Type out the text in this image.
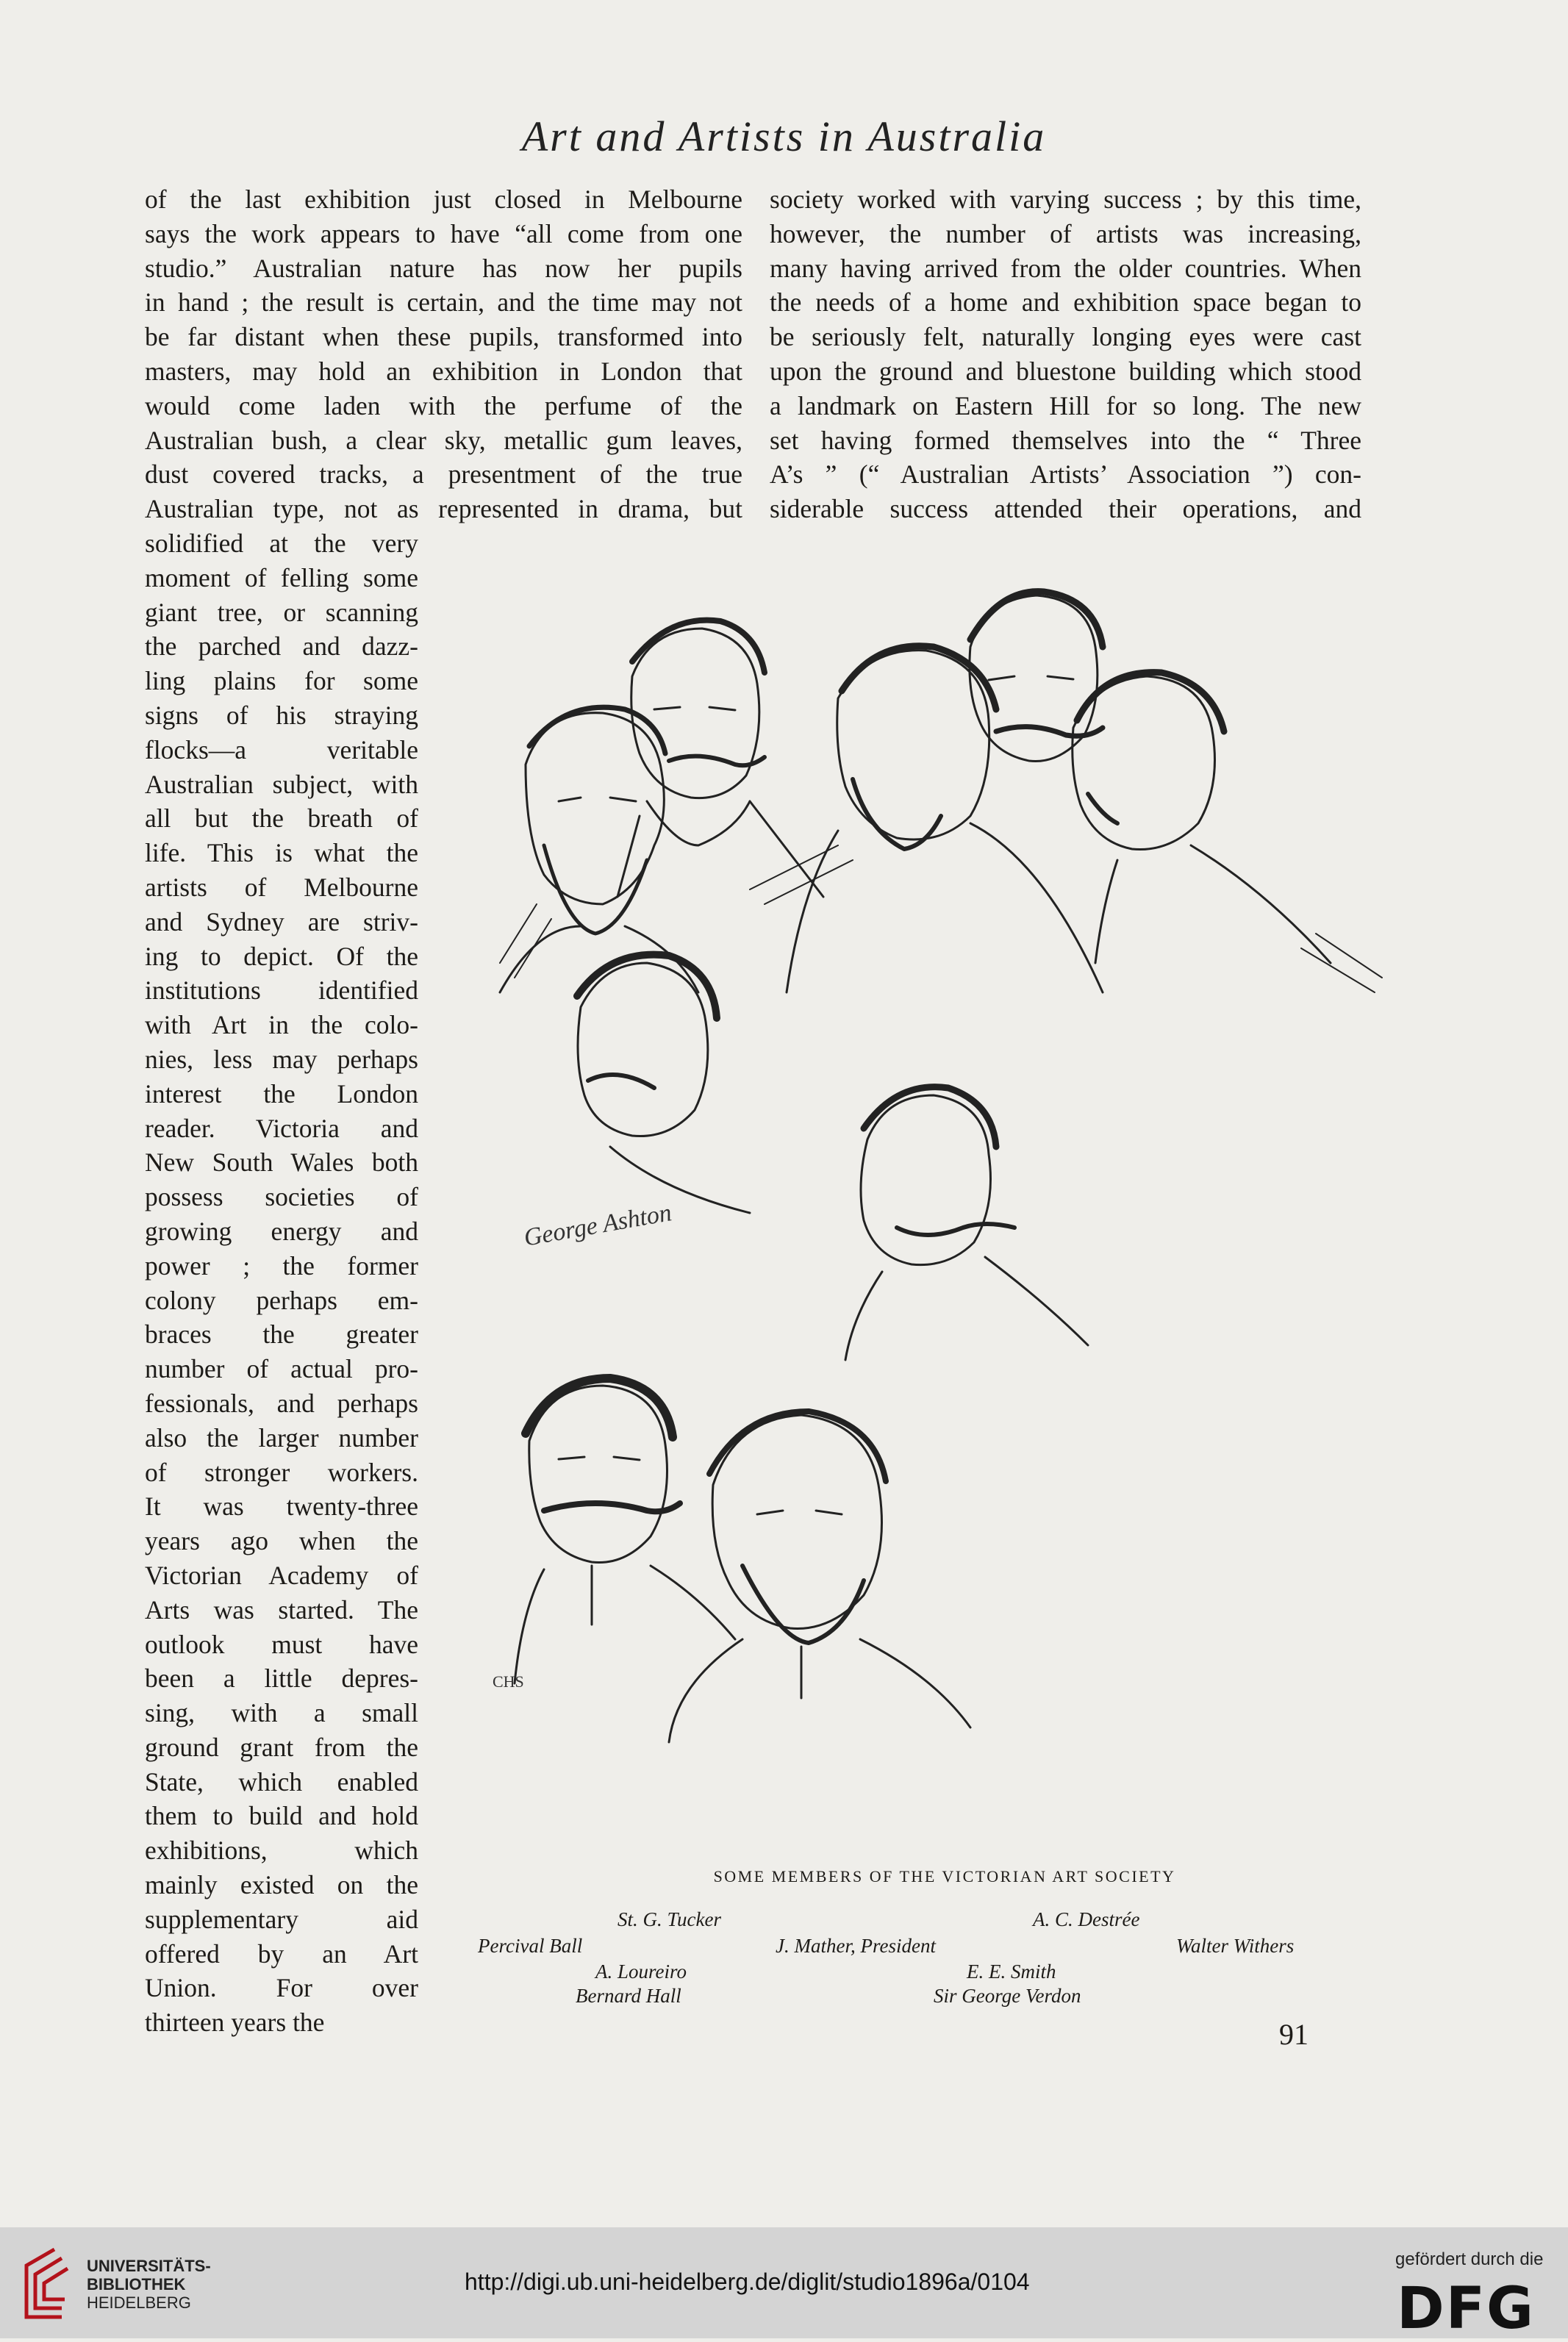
Art and Artists in Australia
of the last exhibition just closed in Melbourne
says the work appears to have “all come from one
studio.” Australian nature has now her pupils
in hand ; the result is certain, and the time may not
be far distant when these pupils, transformed into
masters, may hold an exhibition in London that
would come laden with the perfume of the
Australian bush, a clear sky, metallic gum leaves,
dust covered tracks, a presentment of the true
Australian type, not as represented in drama, but
society worked with varying success ; by this time,
however, the number of artists was increasing,
many having arrived from the older countries. When
the needs of a home and exhibition space began to
be seriously felt, naturally longing eyes were cast
upon the ground and bluestone building which stood
a landmark on Eastern Hill for so long. The new
set having formed themselves into the “ Three
A’s ” (“ Australian Artists’ Association ”) con-
siderable success attended their operations, and
solidified at the very
moment of felling some
giant tree, or scanning
the parched and dazz-
ling plains for some
signs of his straying
flocks—a veritable
Australian subject, with
all but the breath of
life. This is what the
artists of Melbourne
and Sydney are striv-
ing to depict. Of the
institutions identified
with Art in the colo-
nies, less may perhaps
interest the London
reader. Victoria and
New South Wales both
possess societies of
growing energy and
power ; the former
colony perhaps em-
braces the greater
number of actual pro-
fessionals, and perhaps
also the larger number
of stronger workers.
It was twenty-three
years ago when the
Victorian Academy of
Arts was started. The
outlook must have
been a little depres-
sing, with a small
ground grant from the
State, which enabled
them to build and hold
exhibitions, which
mainly existed on the
supplementary aid
offered by an Art
Union. For over
thirteen years the
George Ashton
CHS
SOME MEMBERS OF THE VICTORIAN ART SOCIETY
St. G. Tucker	A. C. Destrée
Percival Ball	J. Mather, President	Walter Withers
A. Loureiro	E. E. Smith
Bernard Hall	Sir George Verdon
91
UNIVERSITÄTS-
BIBLIOTHEK
HEIDELBERG
http://digi.ub.uni-heidelberg.de/diglit/studio1896a/0104
gefördert durch die
DFG
